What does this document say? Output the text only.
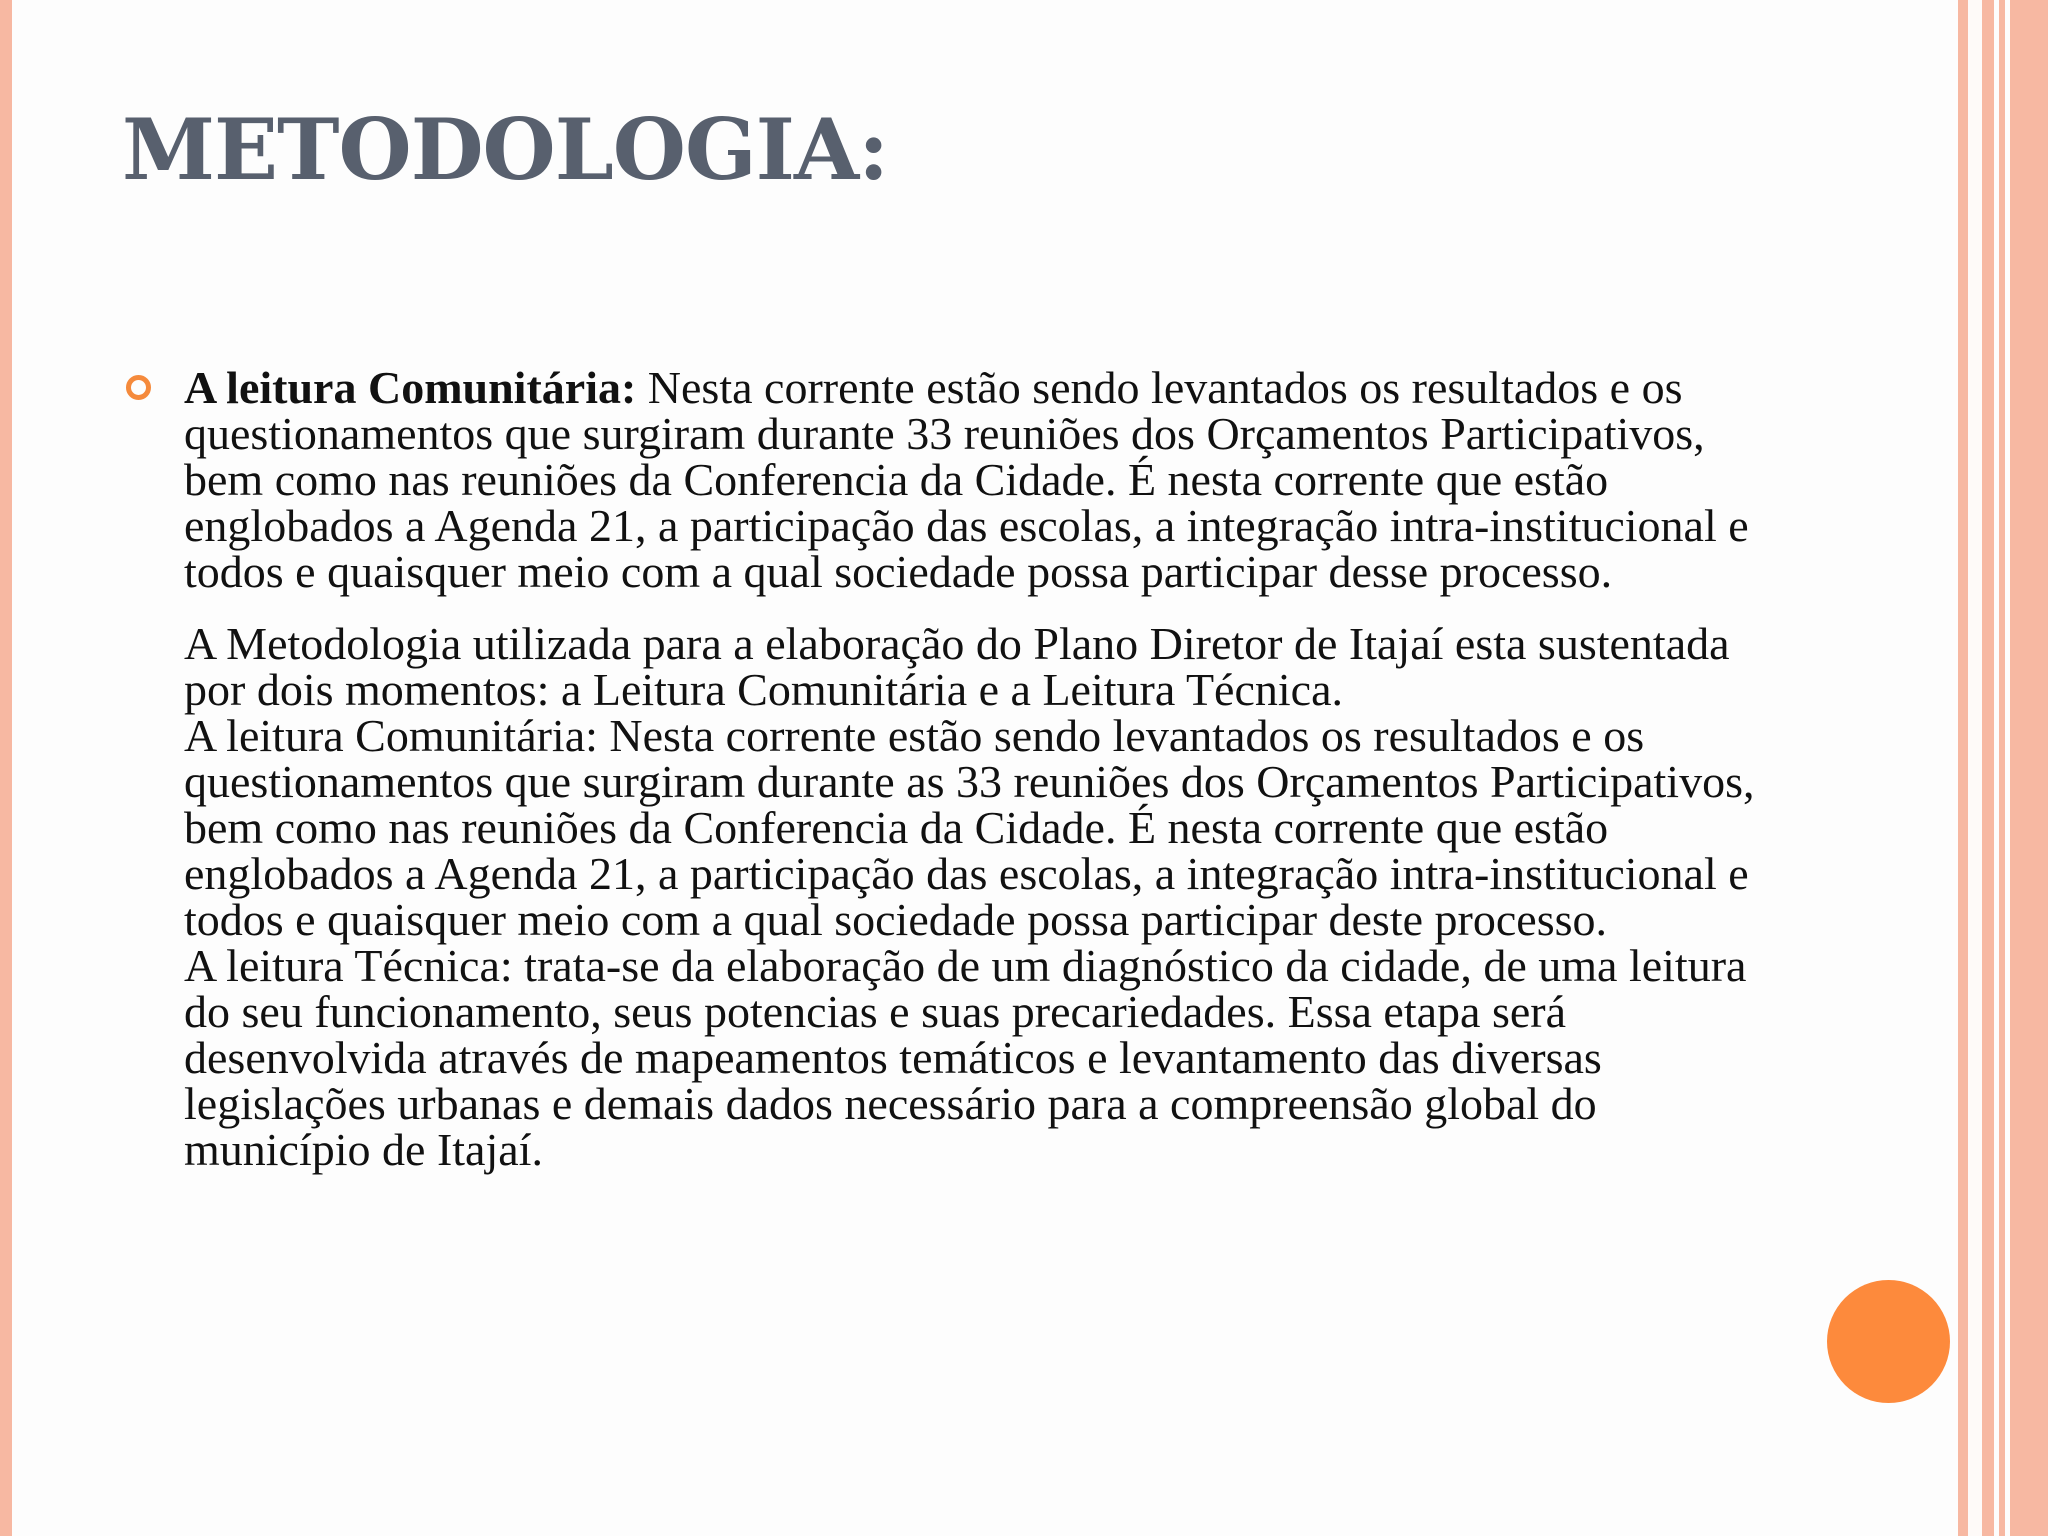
METODOLOGIA:

A leitura Comunitária: Nesta corrente estão sendo levantados os resultados e os questionamentos que surgiram durante 33 reuniões dos Orçamentos Participativos, bem como nas reuniões da Conferencia da Cidade. É nesta corrente que estão englobados a Agenda 21, a participação das escolas, a integração intra-institucional e todos e quaisquer meio com a qual sociedade possa participar desse processo.

A Metodologia utilizada para a elaboração do Plano Diretor de Itajaí esta sustentada por dois momentos: a Leitura Comunitária e a Leitura Técnica.

A leitura Comunitária: Nesta corrente estão sendo levantados os resultados e os questionamentos que surgiram durante as 33 reuniões dos Orçamentos Participativos, bem como nas reuniões da Conferencia da Cidade. É nesta corrente que estão englobados a Agenda 21, a participação das escolas, a integração intra-institucional e todos e quaisquer meio com a qual sociedade possa participar deste processo.

A leitura Técnica: trata-se da elaboração de um diagnóstico da cidade, de uma leitura do seu funcionamento, seus potencias e suas precariedades. Essa etapa será desenvolvida através de mapeamentos temáticos e levantamento das diversas legislações urbanas e demais dados necessário para a compreensão global do município de Itajaí.
